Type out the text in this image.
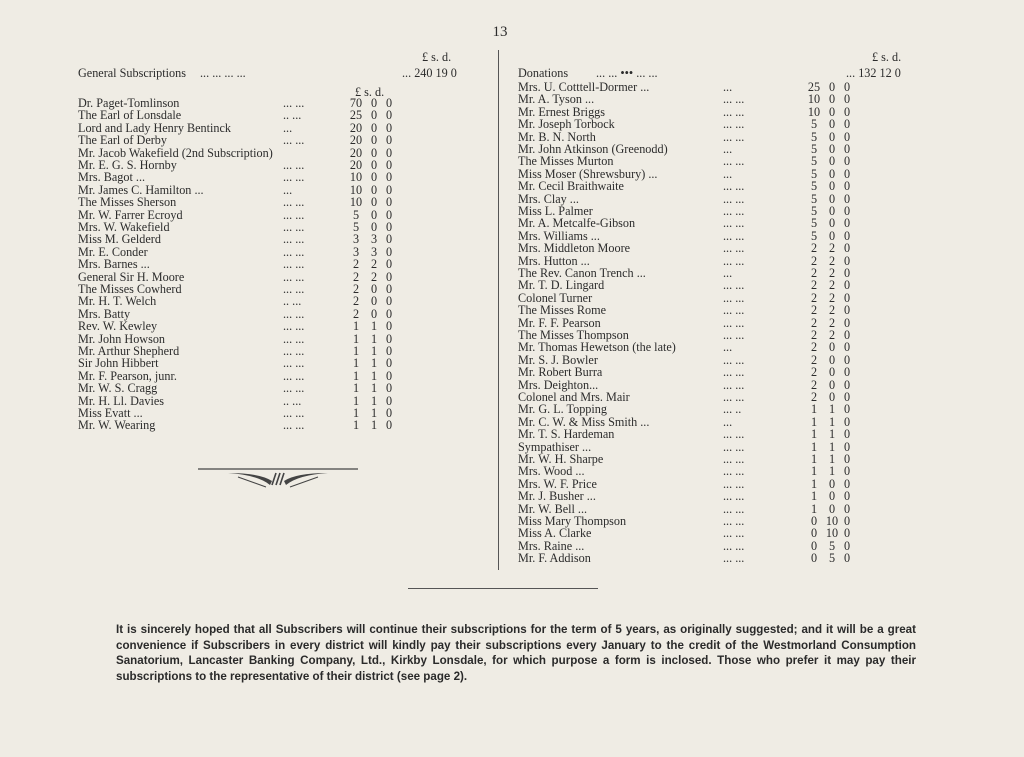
13
£ s. d.
General Subscriptions ... ... ... ...	... 240 19 0
£ s. d.
Dr. Paget-Tomlinson	... ...	70 0 0
The Earl of Lonsdale	.. ...	25 0 0
Lord and Lady Henry Bentinck	...	20 0 0
The Earl of Derby	... ...	20 0 0
Mr. Jacob Wakefield (2nd Subscription)	20 0 0
Mr. E. G. S. Hornby	... ...	20 0 0
Mrs. Bagot ...	... ...	10 0 0
Mr. James C. Hamilton ...	...	10 0 0
The Misses Sherson	... ...	10 0 0
Mr. W. Farrer Ecroyd	... ...	5 0 0
Mrs. W. Wakefield	... ...	5 0 0
Miss M. Gelderd	... ...	3 3 0
Mr. E. Conder	... ...	3 3 0
Mrs. Barnes ...	... ...	2 2 0
General Sir H. Moore	... ...	2 2 0
The Misses Cowherd	... ...	2 0 0
Mr. H. T. Welch	.. ...	2 0 0
Mrs. Batty	... ...	2 0 0
Rev. W. Kewley	... ...	1 1 0
Mr. John Howson	... ...	1 1 0
Mr. Arthur Shepherd	... ...	1 1 0
Sir John Hibbert	... ...	1 1 0
Mr. F. Pearson, junr.	... ...	1 1 0
Mr. W. S. Cragg	... ...	1 1 0
Mr. H. Ll. Davies	.. ...	1 1 0
Miss Evatt ...	... ...	1 1 0
Mr. W. Wearing	... ...	1 1 0
£ s. d.
Donations ... ... ••• ... ...	... 132 12 0
Mrs. U. Cotttell-Dormer ...	...	25 0 0
Mr. A. Tyson ...	... ...	10 0 0
Mr. Ernest Briggs	... ...	10 0 0
Mr. Joseph Torbock	... ...	5 0 0
Mr. B. N. North	... ...	5 0 0
Mr. John Atkinson (Greenodd)	...	5 0 0
The Misses Murton	... ...	5 0 0
Miss Moser (Shrewsbury) ...	...	5 0 0
Mr. Cecil Braithwaite	... ...	5 0 0
Mrs. Clay ...	... ...	5 0 0
Miss L. Palmer	... ...	5 0 0
Mr. A. Metcalfe-Gibson	... ...	5 0 0
Mrs. Williams ...	... ...	5 0 0
Mrs. Middleton Moore	... ...	2 2 0
Mrs. Hutton ...	... ...	2 2 0
The Rev. Canon Trench ...	...	2 2 0
Mr. T. D. Lingard	... ...	2 2 0
Colonel Turner	... ...	2 2 0
The Misses Rome	... ...	2 2 0
Mr. F. F. Pearson	... ...	2 2 0
The Misses Thompson	... ...	2 2 0
Mr. Thomas Hewetson (the late)	...	2 0 0
Mr. S. J. Bowler	... ...	2 0 0
Mr. Robert Burra	... ...	2 0 0
Mrs. Deighton...	... ...	2 0 0
Colonel and Mrs. Mair	... ...	2 0 0
Mr. G. L. Topping	... ..	1 1 0
Mr. C. W. & Miss Smith ...	...	1 1 0
Mr. T. S. Hardeman	... ...	1 1 0
Sympathiser ...	... ...	1 1 0
Mr. W. H. Sharpe	... ...	1 1 0
Mrs. Wood ...	... ...	1 1 0
Mrs. W. F. Price	... ...	1 0 0
Mr. J. Busher ...	... ...	1 0 0
Mr. W. Bell ...	... ...	1 0 0
Miss Mary Thompson	... ...	0 10 0
Miss A. Clarke	... ...	0 10 0
Mrs. Raine ...	... ...	0 5 0
Mr. F. Addison	... ...	0 5 0
It is sincerely hoped that all Subscribers will continue their subscriptions for the term of 5 years, as originally suggested; and it will be a great convenience if Subscribers in every district will kindly pay their subscriptions every January to the credit of the Westmorland Consumption Sanatorium, Lancaster Banking Company, Ltd., Kirkby Lonsdale, for which purpose a form is inclosed. Those who prefer it may pay their subscriptions to the representative of their district (see page 2).
